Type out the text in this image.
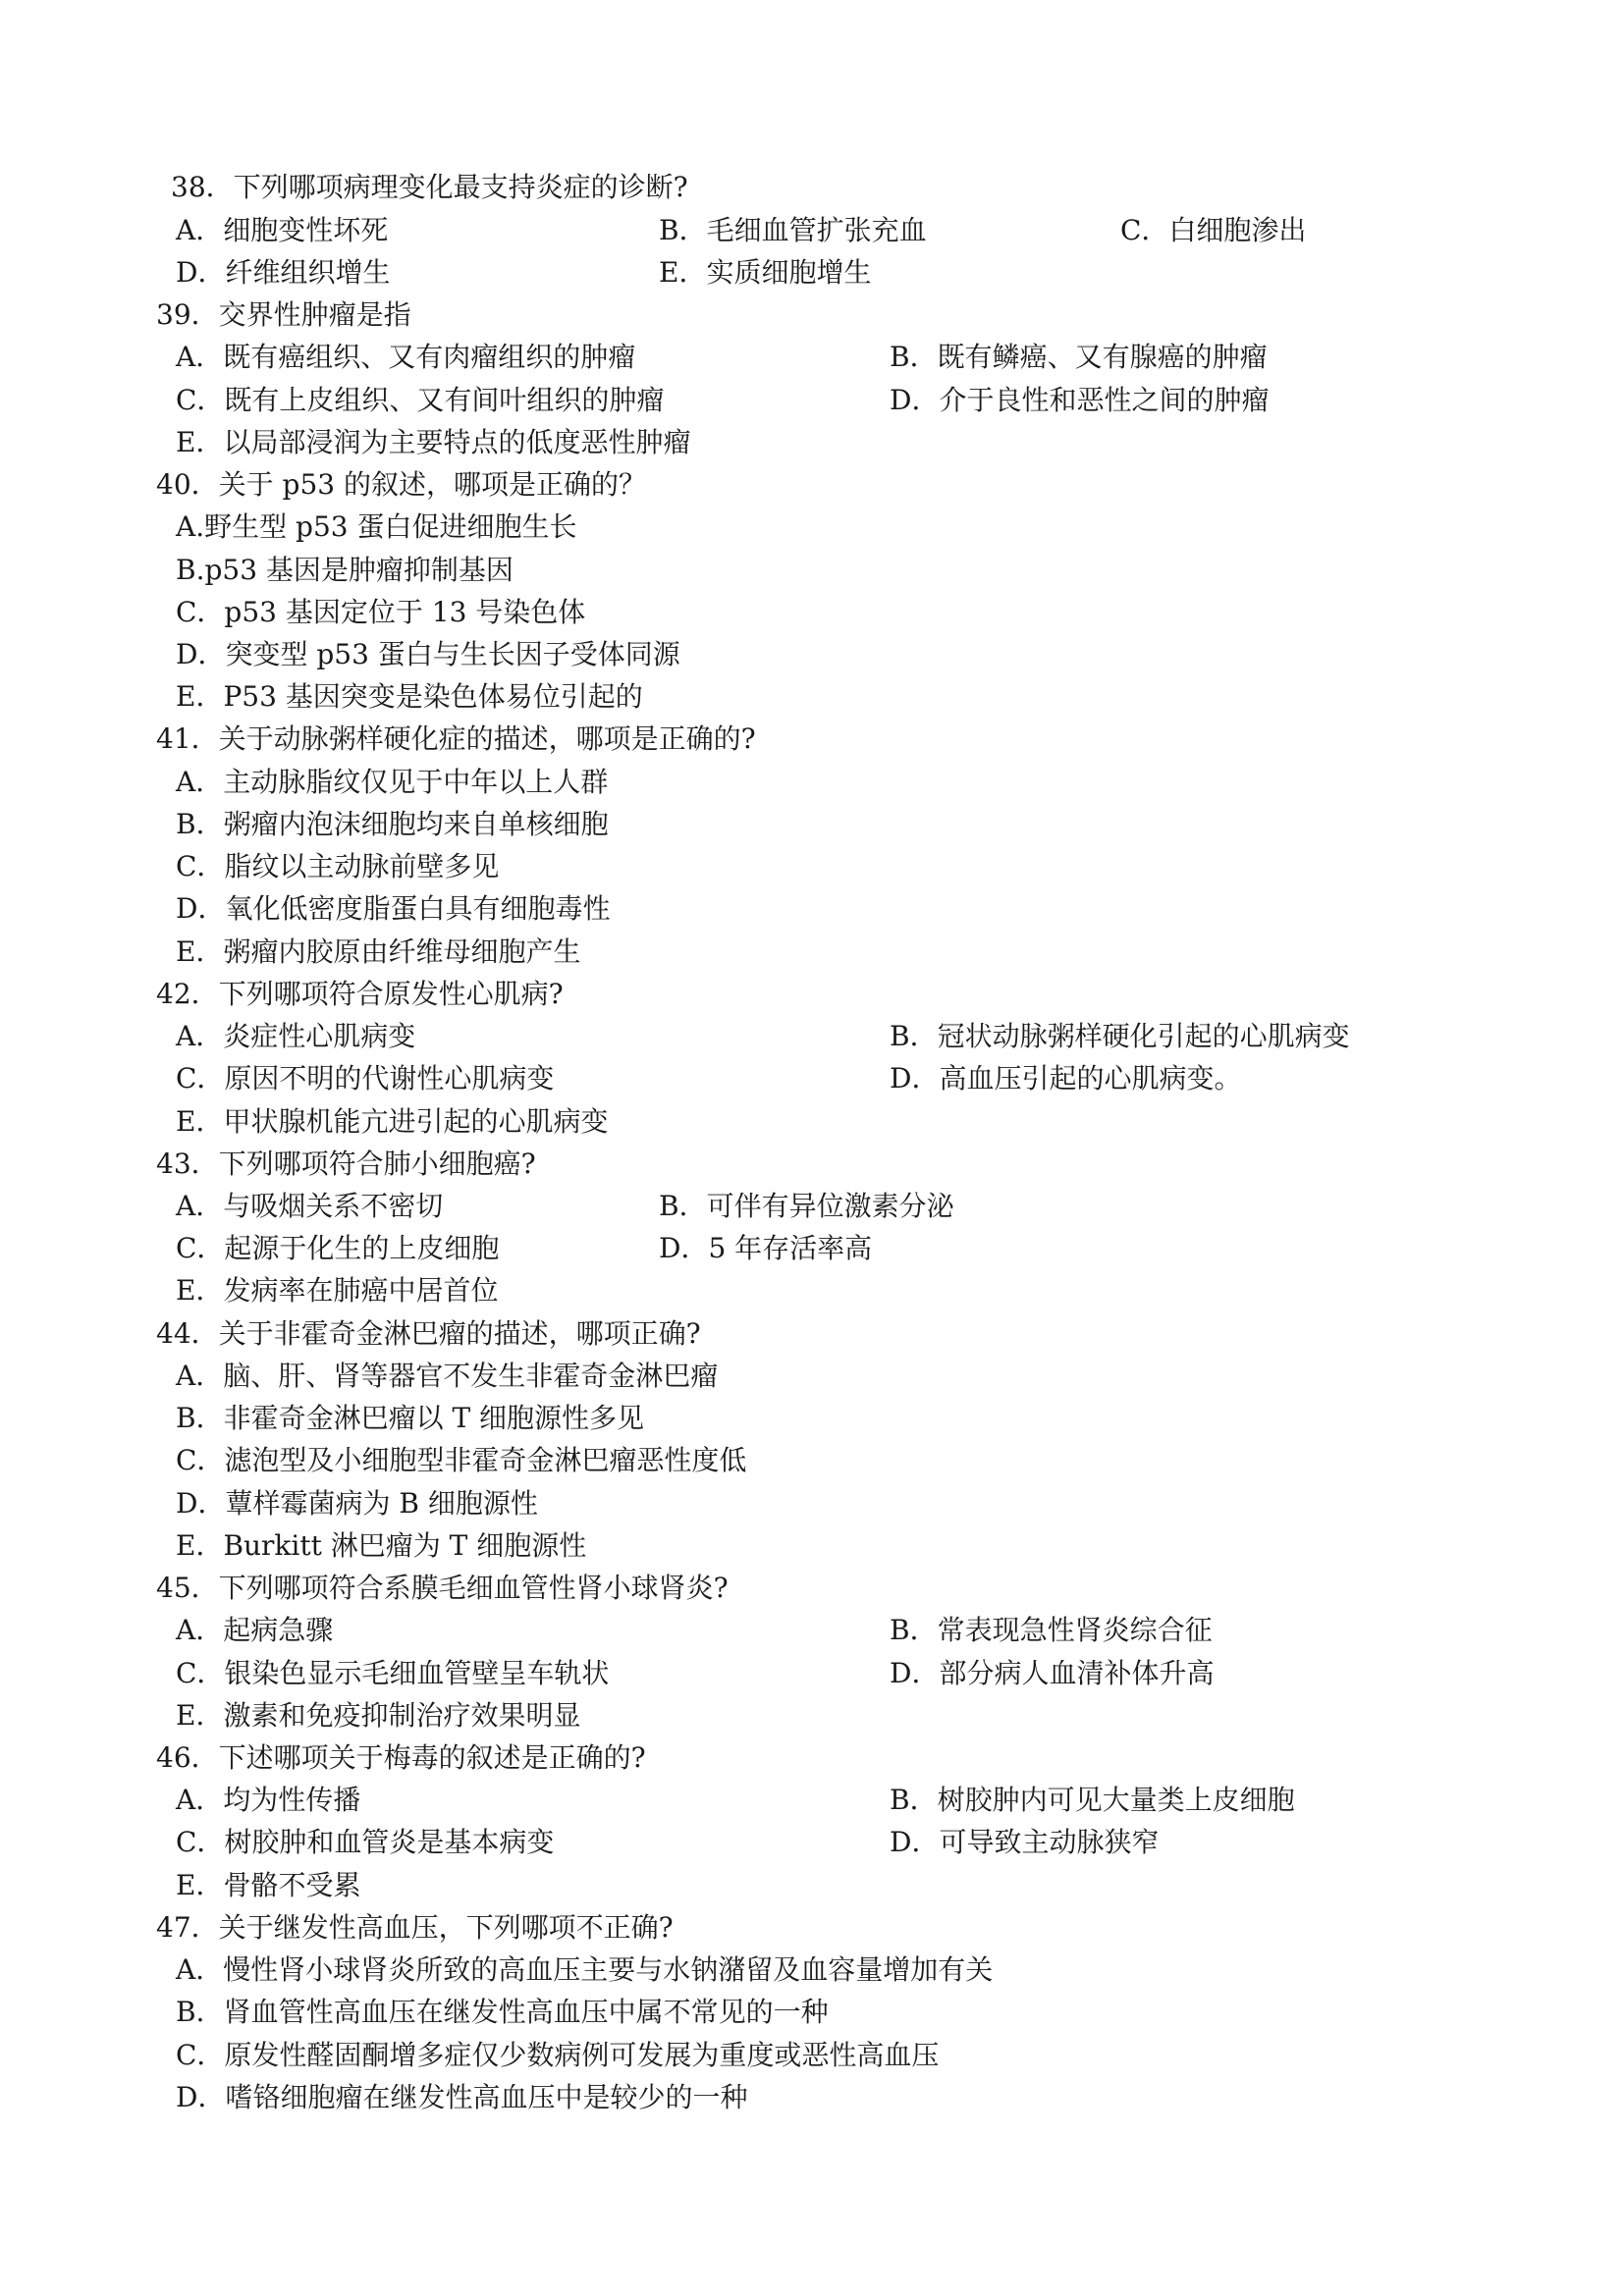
38．下列哪项病理变化最支持炎症的诊断?
A．细胞变性坏死	B．毛细血管扩张充血	C．白细胞渗出
D．纤维组织增生	E．实质细胞增生
39．交界性肿瘤是指
A．既有癌组织、又有肉瘤组织的肿瘤	B．既有鳞癌、又有腺癌的肿瘤
C．既有上皮组织、又有间叶组织的肿瘤	D．介于良性和恶性之间的肿瘤
E．以局部浸润为主要特点的低度恶性肿瘤
40．关于 p53 的叙述，哪项是正确的？
A.野生型 p53 蛋白促进细胞生长
B.p53 基因是肿瘤抑制基因
C．p53 基因定位于 13 号染色体
D．突变型 p53 蛋白与生长因子受体同源
E．P53 基因突变是染色体易位引起的
41．关于动脉粥样硬化症的描述，哪项是正确的?
A．主动脉脂纹仅见于中年以上人群
B．粥瘤内泡沫细胞均来自单核细胞
C．脂纹以主动脉前壁多见
D．氧化低密度脂蛋白具有细胞毒性
E．粥瘤内胶原由纤维母细胞产生
42．下列哪项符合原发性心肌病?
A．炎症性心肌病变	B．冠状动脉粥样硬化引起的心肌病变
C．原因不明的代谢性心肌病变	D．高血压引起的心肌病变。
E．甲状腺机能亢进引起的心肌病变
43．下列哪项符合肺小细胞癌?
A．与吸烟关系不密切	B．可伴有异位激素分泌
C．起源于化生的上皮细胞	D．5 年存活率高
E．发病率在肺癌中居首位
44．关于非霍奇金淋巴瘤的描述，哪项正确?
A．脑、肝、肾等器官不发生非霍奇金淋巴瘤
B．非霍奇金淋巴瘤以 T 细胞源性多见
C．滤泡型及小细胞型非霍奇金淋巴瘤恶性度低
D．蕈样霉菌病为 B 细胞源性
E．Burkitt 淋巴瘤为 T 细胞源性
45．下列哪项符合系膜毛细血管性肾小球肾炎?
A．起病急骤	B．常表现急性肾炎综合征
C．银染色显示毛细血管壁呈车轨状	D．部分病人血清补体升高
E．激素和免疫抑制治疗效果明显
46．下述哪项关于梅毒的叙述是正确的?
A．均为性传播	B．树胶肿内可见大量类上皮细胞
C．树胶肿和血管炎是基本病变	D．可导致主动脉狭窄
E．骨骼不受累
47．关于继发性高血压，下列哪项不正确?
A．慢性肾小球肾炎所致的高血压主要与水钠潴留及血容量增加有关
B．肾血管性高血压在继发性高血压中属不常见的一种
C．原发性醛固酮增多症仅少数病例可发展为重度或恶性高血压
D．嗜铬细胞瘤在继发性高血压中是较少的一种
